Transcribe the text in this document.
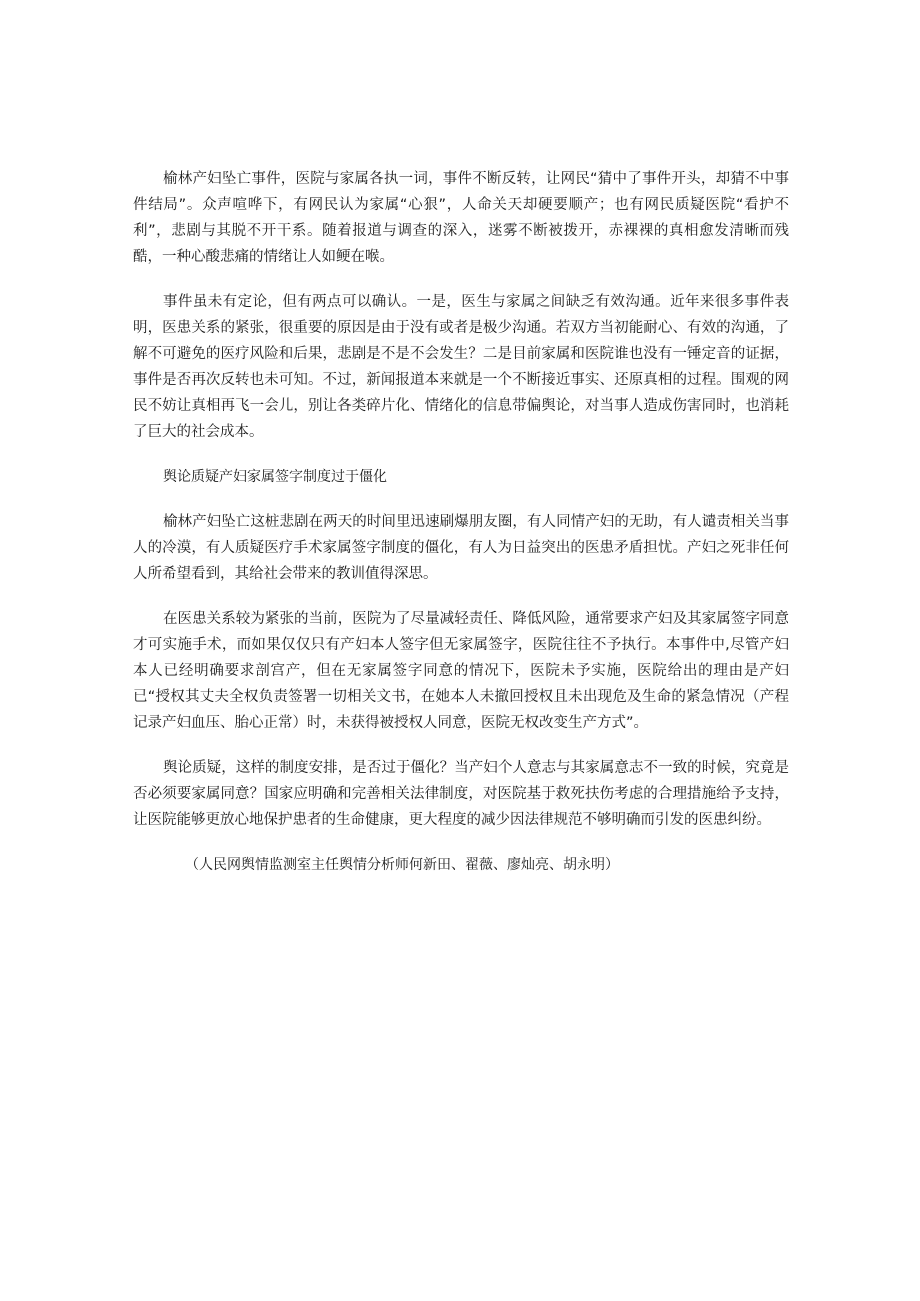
榆林产妇坠亡事件，医院与家属各执一词，事件不断反转，让网民“猜中了事件开头，却猜不中事件结局”。众声喧哗下，有网民认为家属“心狠”，人命关天却硬要顺产；也有网民质疑医院“看护不利”，悲剧与其脱不开干系。随着报道与调查的深入，迷雾不断被拨开，赤裸裸的真相愈发清晰而残酷，一种心酸悲痛的情绪让人如鲠在喉。

事件虽未有定论，但有两点可以确认。一是，医生与家属之间缺乏有效沟通。近年来很多事件表明，医患关系的紧张，很重要的原因是由于没有或者是极少沟通。若双方当初能耐心、有效的沟通，了解不可避免的医疗风险和后果，悲剧是不是不会发生？二是目前家属和医院谁也没有一锤定音的证据，事件是否再次反转也未可知。不过，新闻报道本来就是一个不断接近事实、还原真相的过程。围观的网民不妨让真相再飞一会儿，别让各类碎片化、情绪化的信息带偏舆论，对当事人造成伤害同时，也消耗了巨大的社会成本。

舆论质疑产妇家属签字制度过于僵化

榆林产妇坠亡这桩悲剧在两天的时间里迅速刷爆朋友圈，有人同情产妇的无助，有人谴责相关当事人的冷漠，有人质疑医疗手术家属签字制度的僵化，有人为日益突出的医患矛盾担忧。产妇之死非任何人所希望看到，其给社会带来的教训值得深思。

在医患关系较为紧张的当前，医院为了尽量减轻责任、降低风险，通常要求产妇及其家属签字同意才可实施手术，而如果仅仅只有产妇本人签字但无家属签字，医院往往不予执行。本事件中,尽管产妇本人已经明确要求剖宫产，但在无家属签字同意的情况下，医院未予实施，医院给出的理由是产妇已“授权其丈夫全权负责签署一切相关文书，在她本人未撤回授权且未出现危及生命的紧急情况（产程记录产妇血压、胎心正常）时，未获得被授权人同意，医院无权改变生产方式”。

舆论质疑，这样的制度安排，是否过于僵化？当产妇个人意志与其家属意志不一致的时候，究竟是否必须要家属同意？国家应明确和完善相关法律制度，对医院基于救死扶伤考虑的合理措施给予支持，让医院能够更放心地保护患者的生命健康，更大程度的减少因法律规范不够明确而引发的医患纠纷。

（人民网舆情监测室主任舆情分析师何新田、翟薇、廖灿亮、胡永明）
